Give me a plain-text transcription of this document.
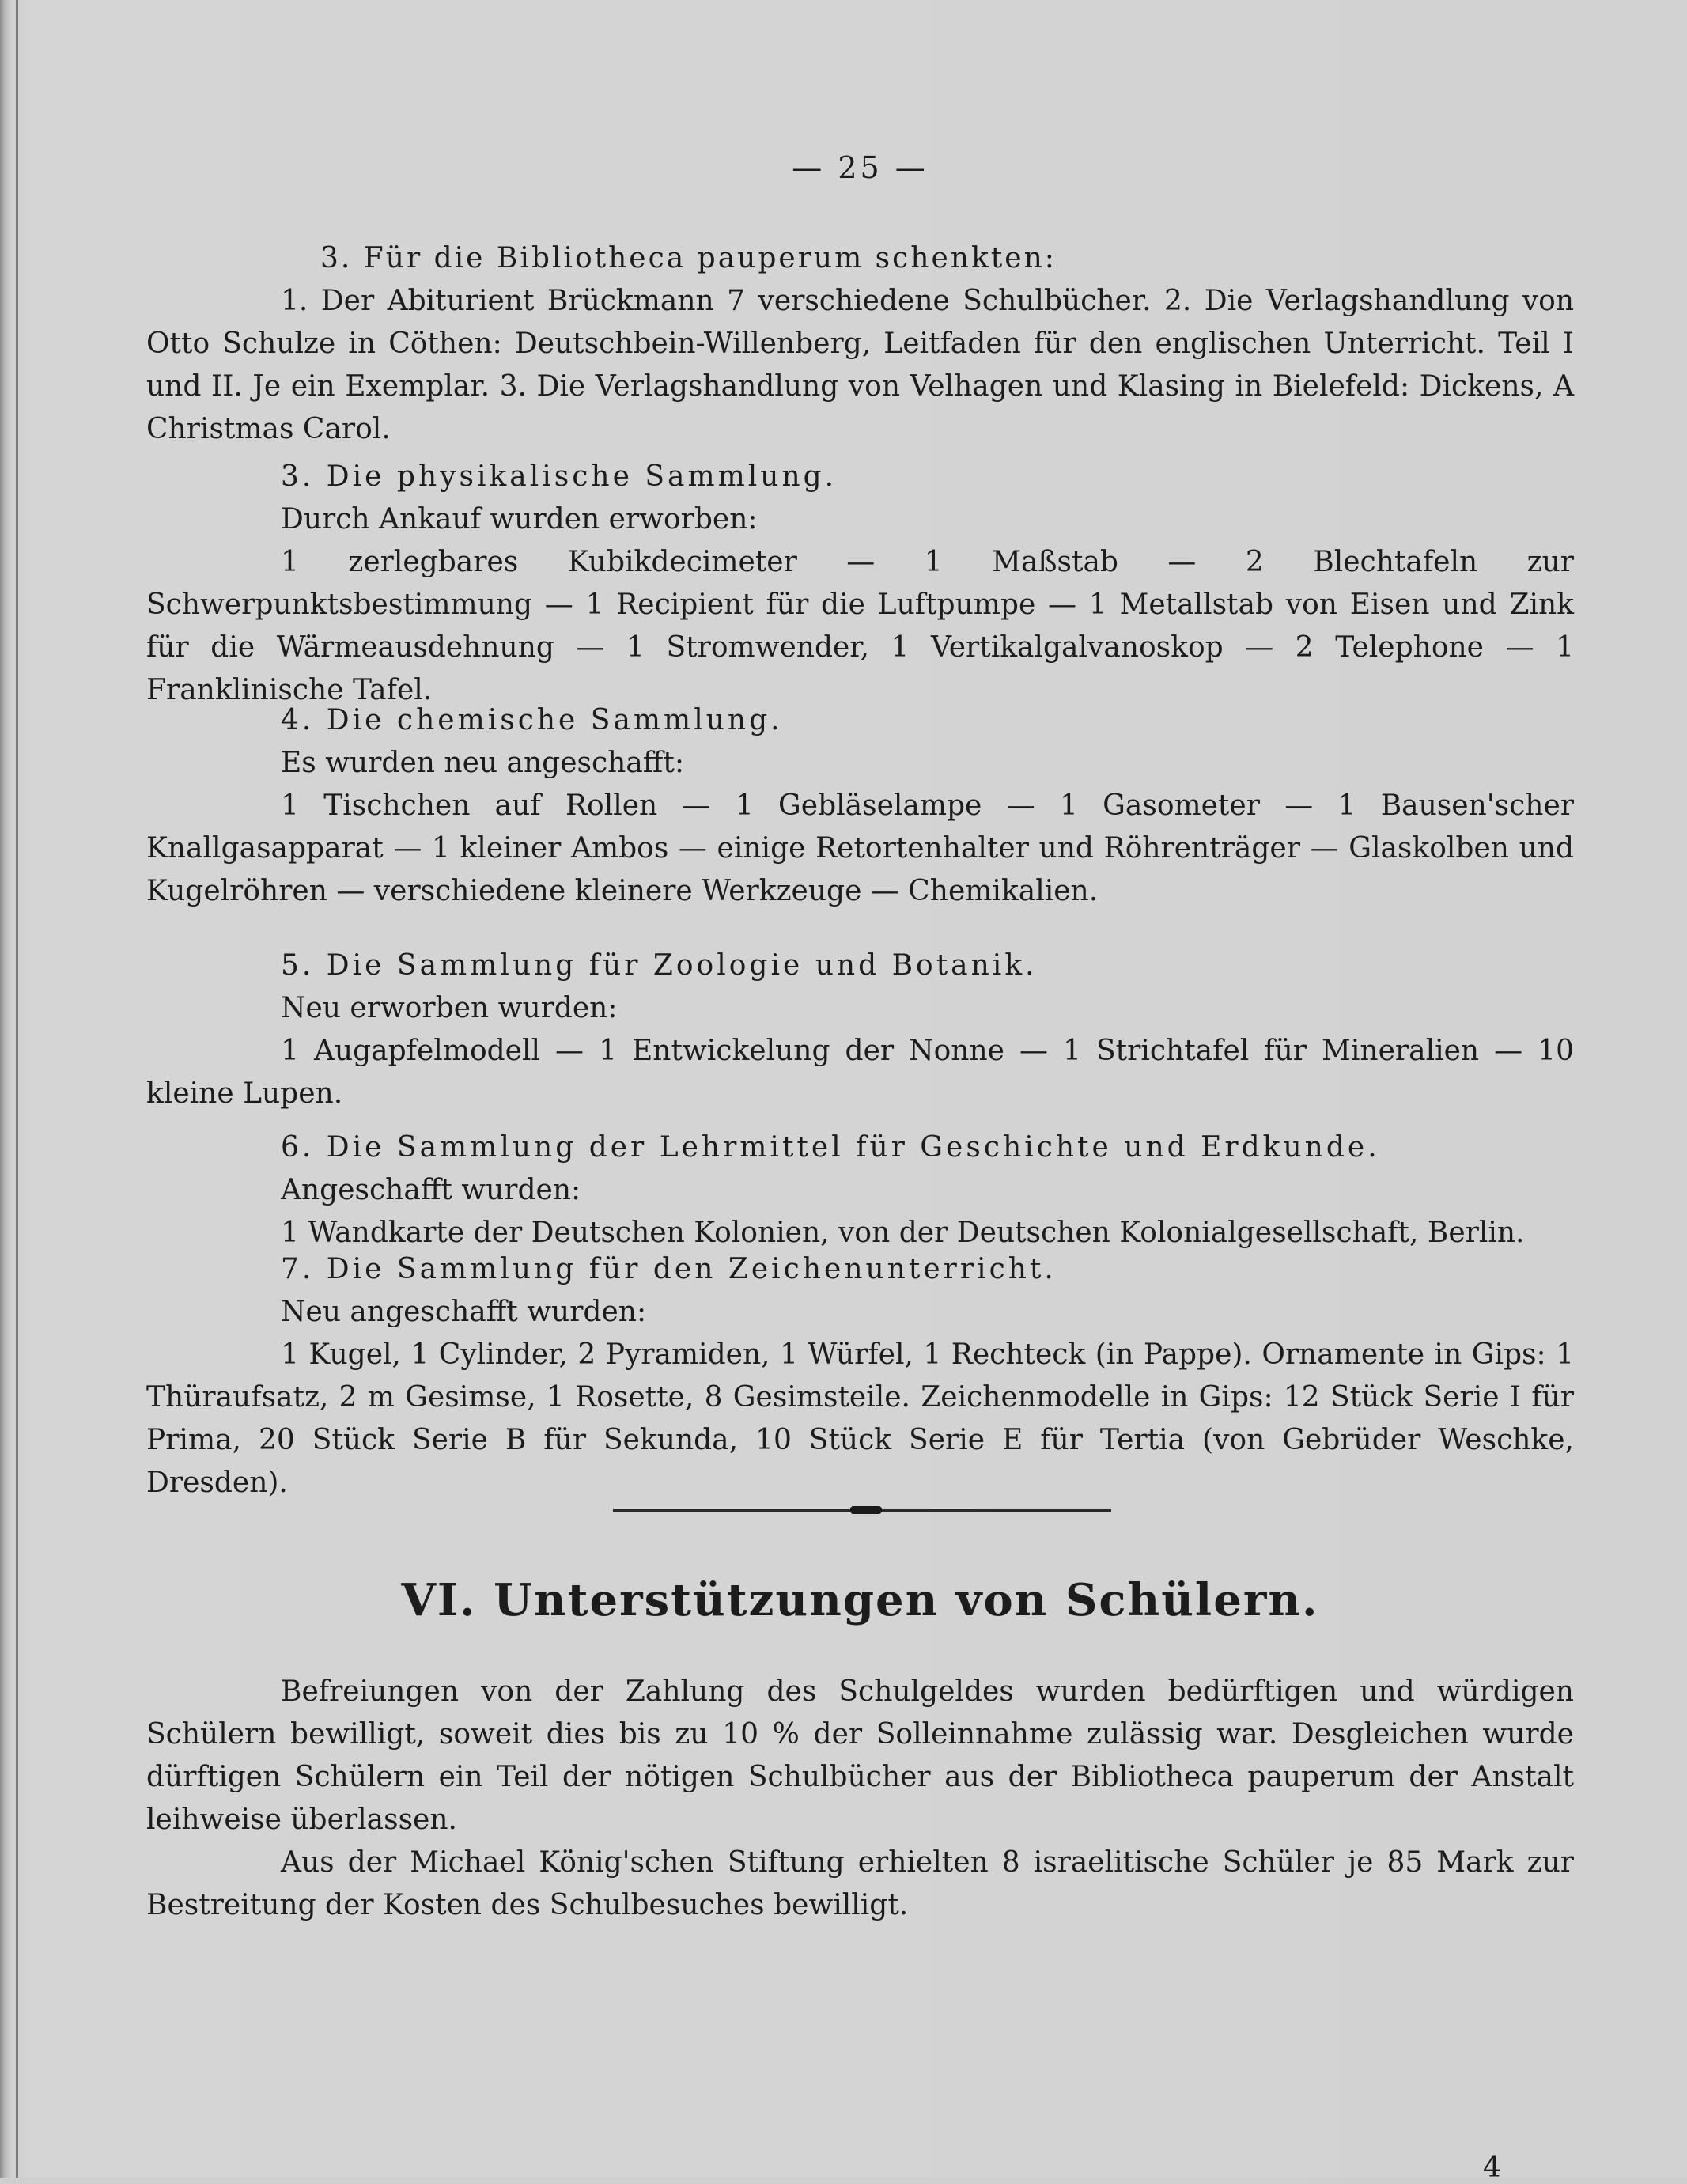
— 25 —

3. Für die Bibliotheca pauperum schenkten:

1. Der Abiturient Brückmann 7 verschiedene Schulbücher. 2. Die Verlagshandlung von Otto Schulze in Cöthen: Deutschbein-Willenberg, Leitfaden für den englischen Unterricht. Teil I und II. Je ein Exemplar. 3. Die Verlagshandlung von Velhagen und Klasing in Bielefeld: Dickens, A Christmas Carol.

3. Die physikalische Sammlung.

Durch Ankauf wurden erworben:

1 zerlegbares Kubikdecimeter — 1 Maßstab — 2 Blechtafeln zur Schwerpunktsbestimmung — 1 Recipient für die Luftpumpe — 1 Metallstab von Eisen und Zink für die Wärmeausdehnung — 1 Stromwender, 1 Vertikalgalvanoskop — 2 Telephone — 1 Franklinische Tafel.

4. Die chemische Sammlung.

Es wurden neu angeschafft:

1 Tischchen auf Rollen — 1 Gebläselampe — 1 Gasometer — 1 Bausen'scher Knallgasapparat — 1 kleiner Ambos — einige Retortenhalter und Röhrenträger — Glaskolben und Kugelröhren — verschiedene kleinere Werkzeuge — Chemikalien.

5. Die Sammlung für Zoologie und Botanik.

Neu erworben wurden:

1 Augapfelmodell — 1 Entwickelung der Nonne — 1 Strichtafel für Mineralien — 10 kleine Lupen.

6. Die Sammlung der Lehrmittel für Geschichte und Erdkunde.

Angeschafft wurden:

1 Wandkarte der Deutschen Kolonien, von der Deutschen Kolonialgesellschaft, Berlin.

7. Die Sammlung für den Zeichenunterricht.

Neu angeschafft wurden:

1 Kugel, 1 Cylinder, 2 Pyramiden, 1 Würfel, 1 Rechteck (in Pappe). Ornamente in Gips: 1 Thüraufsatz, 2 m Gesimse, 1 Rosette, 8 Gesimsteile. Zeichenmodelle in Gips: 12 Stück Serie I für Prima, 20 Stück Serie B für Sekunda, 10 Stück Serie E für Tertia (von Gebrüder Weschke, Dresden).

VI. Unterstützungen von Schülern.

Befreiungen von der Zahlung des Schulgeldes wurden bedürftigen und würdigen Schülern bewilligt, soweit dies bis zu 10 % der Solleinnahme zulässig war. Desgleichen wurde dürftigen Schülern ein Teil der nötigen Schulbücher aus der Bibliotheca pauperum der Anstalt leihweise überlassen.

Aus der Michael König'schen Stiftung erhielten 8 israelitische Schüler je 85 Mark zur Bestreitung der Kosten des Schulbesuches bewilligt.

4
